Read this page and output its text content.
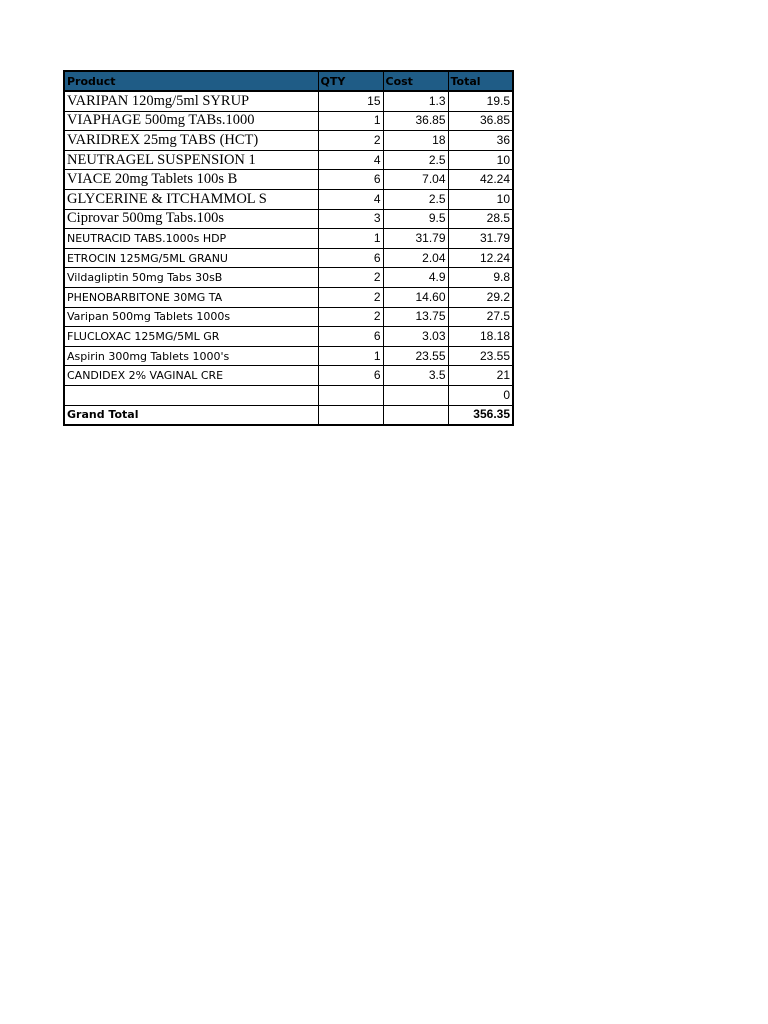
Product	QTY	Cost	Total
VARIPAN 120mg/5ml SYRUP	15	1.3	19.5
VIAPHAGE 500mg TABs.1000	1	36.85	36.85
VARIDREX 25mg TABS (HCT)	2	18	36
NEUTRAGEL SUSPENSION 1	4	2.5	10
VIACE 20mg Tablets 100s B	6	7.04	42.24
GLYCERINE & ITCHAMMOL S	4	2.5	10
Ciprovar 500mg Tabs.100s	3	9.5	28.5
NEUTRACID TABS.1000s HDP	1	31.79	31.79
ETROCIN 125MG/5ML GRANU	6	2.04	12.24
Vildagliptin 50mg Tabs 30sB	2	4.9	9.8
PHENOBARBITONE 30MG TA	2	14.60	29.2
Varipan 500mg Tablets 1000s	2	13.75	27.5
FLUCLOXAC 125MG/5ML GR	6	3.03	18.18
Aspirin 300mg Tablets 1000's	1	23.55	23.55
CANDIDEX 2% VAGINAL CRE	6	3.5	21
			0
Grand Total			356.35
